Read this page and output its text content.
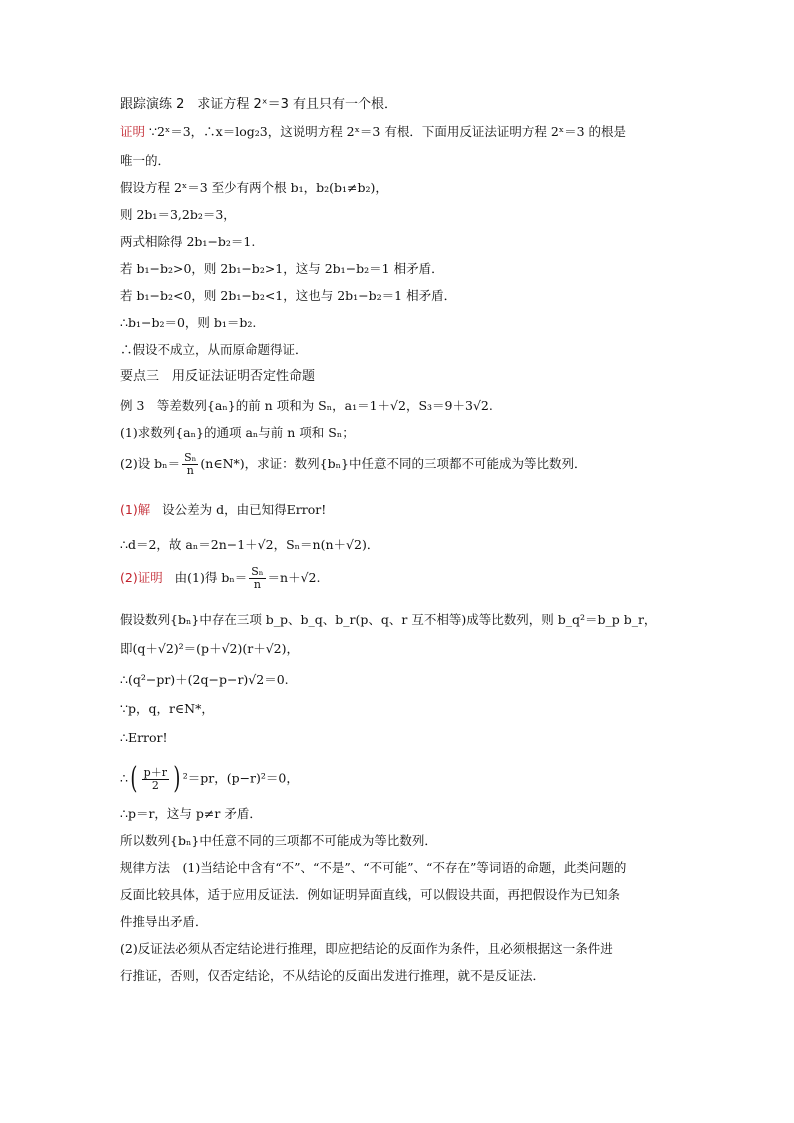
跟踪演练 2　求证方程 2ˣ＝3 有且只有一个根．
证明 ∵2ˣ＝3，∴x＝log₂3，这说明方程 2ˣ＝3 有根．下面用反证法证明方程 2ˣ＝3 的根是
唯一的．
假设方程 2ˣ＝3 至少有两个根 b₁，b₂(b₁≠b₂)，
则 2b₁＝3,2b₂＝3，
两式相除得 2b₁−b₂＝1.
若 b₁−b₂>0，则 2b₁−b₂>1，这与 2b₁−b₂＝1 相矛盾．
若 b₁−b₂<0，则 2b₁−b₂<1，这也与 2b₁−b₂＝1 相矛盾．
∴b₁−b₂＝0，则 b₁＝b₂.
∴假设不成立，从而原命题得证．
要点三　用反证法证明否定性命题
例 3　等差数列{aₙ}的前 n 项和为 Sₙ，a₁＝1＋√2，S₃＝9＋3√2.
(1)求数列{aₙ}的通项 aₙ与前 n 项和 Sₙ；
(2)设 $b_n= \frac{\text{Sₙ}}{n}$ (n∈N*)，求证：数列{bₙ}中任意不同的三项都不可能成为等比数列．
(1)解 设公差为 d，由已知得Error!
∴d＝2，故 aₙ＝2n−1＋√2，Sₙ＝n(n＋√2)．
(2)证明 由(1)得 $b_n= \frac{\text{Sₙ}}{n} =n+√2$.
假设数列{bₙ}中存在三项 b_p、b_q、b_r(p、q、r 互不相等)成等比数列，则 b_q²＝b_p b_r，
即(q＋√2)²＝(p＋√2)(r＋√2)，
∴(q²−pr)＋(2q−p−r)√2＝0.
∵p，q，r∈N*，
∴Error!
∴( $\frac{p+r}{2}$ ) ²＝pr，(p−r)²＝0，
∴p＝r，这与 p≠r 矛盾．
所以数列{bₙ}中任意不同的三项都不可能成为等比数列．
规律方法　(1)当结论中含有“不”、“不是”、“不可能”、“不存在”等词语的命题，此类问题的
反面比较具体，适于应用反证法．例如证明异面直线，可以假设共面，再把假设作为已知条
件推导出矛盾．
(2)反证法必须从否定结论进行推理，即应把结论的反面作为条件，且必须根据这一条件进
行推证，否则，仅否定结论，不从结论的反面出发进行推理，就不是反证法．
